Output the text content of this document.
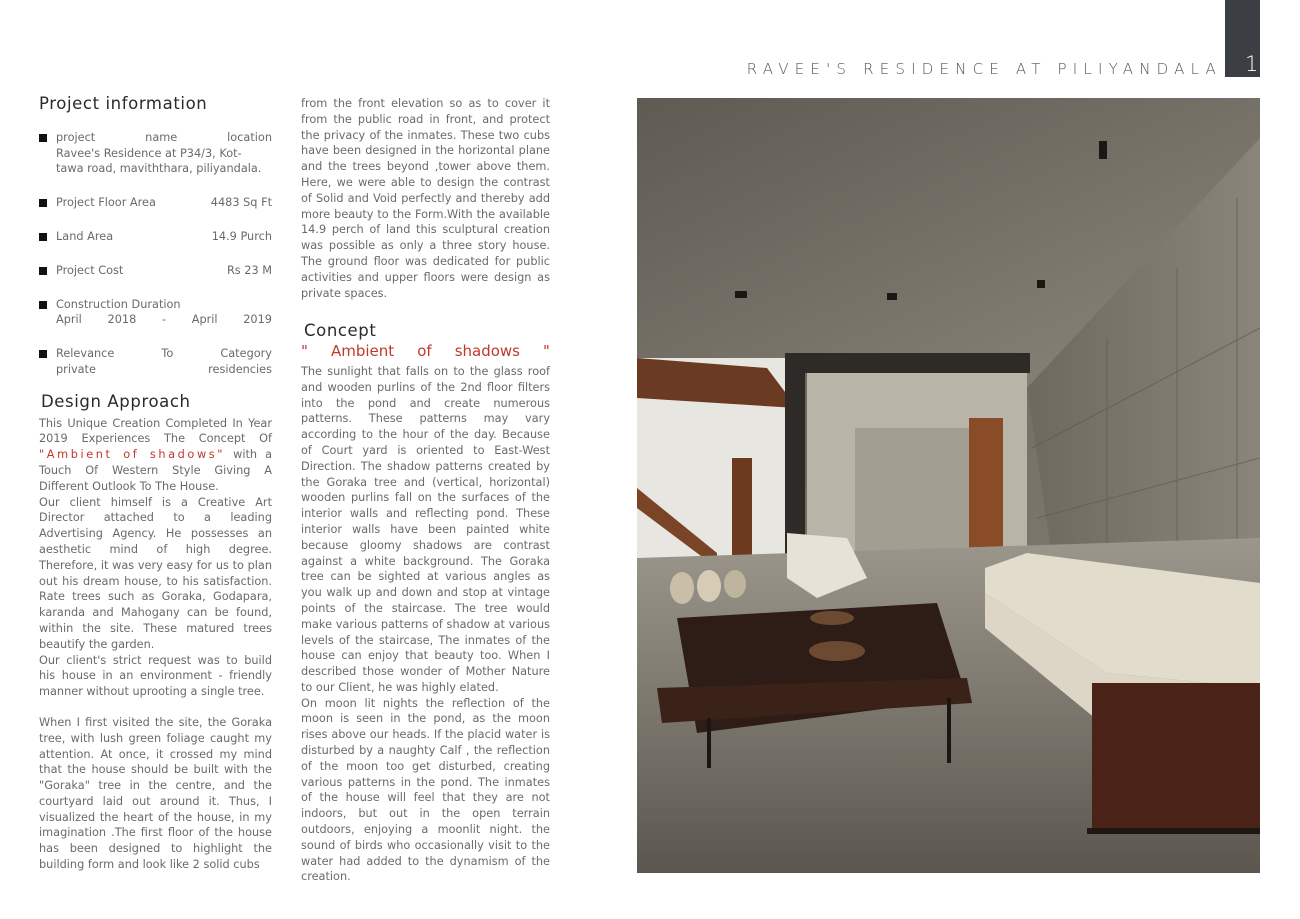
1
RAVEE'S RESIDENCE AT PILIYANDALA
Project information
project	name	location
Ravee's Residence at P34/3, Kot-
tawa road, maviththara, piliyandala.
Project Floor Area	4483 Sq Ft
Land Area	14.9 Purch
Project Cost	Rs 23 M
Construction Duration
April 2018 - April 2019
Relevance	To	Category
private	residencies
Design Approach

This Unique Creation Completed In Year 2019 Experiences The Concept Of "Ambient of shadows" with a Touch Of Western Style Giving A Different Outlook To The House.

Our client himself is a Creative Art Director attached to a leading Advertising Agency. He possesses an aesthetic mind of high degree. Therefore, it was very easy for us to plan out his dream house, to his satisfaction. Rate trees such as Goraka, Godapara, karanda and Mahogany can be found, within the site. These matured trees beautify the garden.

Our client's strict request was to build his house in an environment - friendly manner without uprooting a single tree.

When I first visited the site, the Goraka tree, with lush green foliage caught my attention. At once, it crossed my mind that the house should be built with the "Goraka" tree in the centre, and the courtyard laid out around it. Thus, I visualized the heart of the house, in my imagination .The first floor of the house has been designed to highlight the building form and look like 2 solid cubs

from the front elevation so as to cover it from the public road in front, and protect the privacy of the inmates. These two cubs have been designed in the horizontal plane and the trees beyond ,tower above them. Here, we were able to design the contrast of Solid and Void perfectly and thereby add more beauty to the Form.With the available 14.9 perch of land this sculptural creation was possible as only a three story house. The ground floor was dedicated for public activities and upper floors were design as private spaces.

Concept
" Ambient of shadows "

The sunlight that falls on to the glass roof and wooden purlins of the 2nd floor filters into the pond and create numerous patterns. These patterns may vary according to the hour of the day. Because of Court yard is oriented to East-West Direction. The shadow patterns created by the Goraka tree and (vertical, horizontal) wooden purlins fall on the surfaces of the interior walls and reflecting pond. These interior walls have been painted white because gloomy shadows are contrast against a white background. The Goraka tree can be sighted at various angles as you walk up and down and stop at vintage points of the staircase. The tree would make various patterns of shadow at various levels of the staircase, The inmates of the house can enjoy that beauty too. When I described those wonder of Mother Nature to our Client, he was highly elated.

On moon lit nights the reflection of the moon is seen in the pond, as the moon rises above our heads. If the placid water is disturbed by a naughty Calf , the reflection of the moon too get disturbed, creating various patterns in the pond. The inmates of the house will feel that they are not indoors, but out in the open terrain outdoors, enjoying a moonlit night. the sound of birds who occasionally visit to the water had added to the dynamism of the creation.
